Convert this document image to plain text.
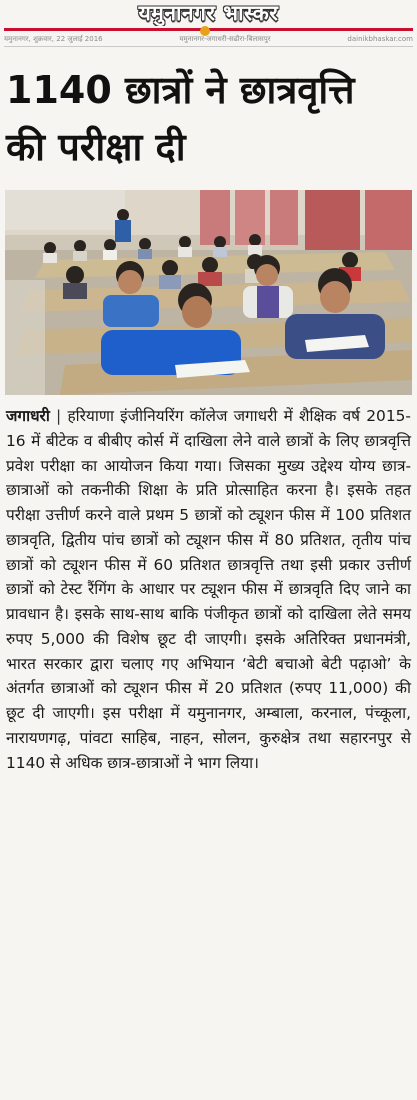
यमुनानगर भास्कर
यमुनानगर, शुक्रवार, 22 जुलाई 2016	यमुनानगर-जगाधरी-सढौरा-बिलासपुर	dainikbhaskar.com
1140 छात्रों ने छात्रवृत्ति
की परीक्षा दी

जगाधरी | हरियाणा इंजीनियरिंग कॉलेज जगाधरी में शैक्षिक वर्ष 2015-16 में बीटेक व बीबीए कोर्स में दाखिला लेने वाले छात्रों के लिए छात्रवृत्ति प्रवेश परीक्षा का आयोजन किया गया। जिसका मुख्य उद्देश्य योग्य छात्र-छात्राओं को तकनीकी शिक्षा के प्रति प्रोत्साहित करना है। इसके तहत परीक्षा उत्तीर्ण करने वाले प्रथम 5 छात्रों को ट्यूशन फीस में 100 प्रतिशत छात्रवृति, द्वितीय पांच छात्रों को ट्यूशन फीस में 80 प्रतिशत, तृतीय पांच छात्रों को ट्यूशन फीस में 60 प्रतिशत छात्रवृत्ति तथा इसी प्रकार उत्तीर्ण छात्रों को टेस्ट रैंगिंग के आधार पर ट्यूशन फीस में छात्रवृति दिए जाने का प्रावधान है। इसके साथ-साथ बाकि पंजीकृत छात्रों को दाखिला लेते समय रुपए 5,000 की विशेष छूट दी जाएगी। इसके अतिरिक्त प्रधानमंत्री, भारत सरकार द्वारा चलाए गए अभियान ‘बेटी बचाओ बेटी पढ़ाओ’ के अंतर्गत छात्राओं को ट्यूशन फीस में 20 प्रतिशत (रुपए 11,000) की छूट दी जाएगी। इस परीक्षा में यमुनानगर, अम्बाला, करनाल, पंच्कूला, नारायणगढ़, पांवटा साहिब, नाहन, सोलन, कुरुक्षेत्र तथा सहारनपुर से 1140 से अधिक छात्र-छात्राओं ने भाग लिया।
